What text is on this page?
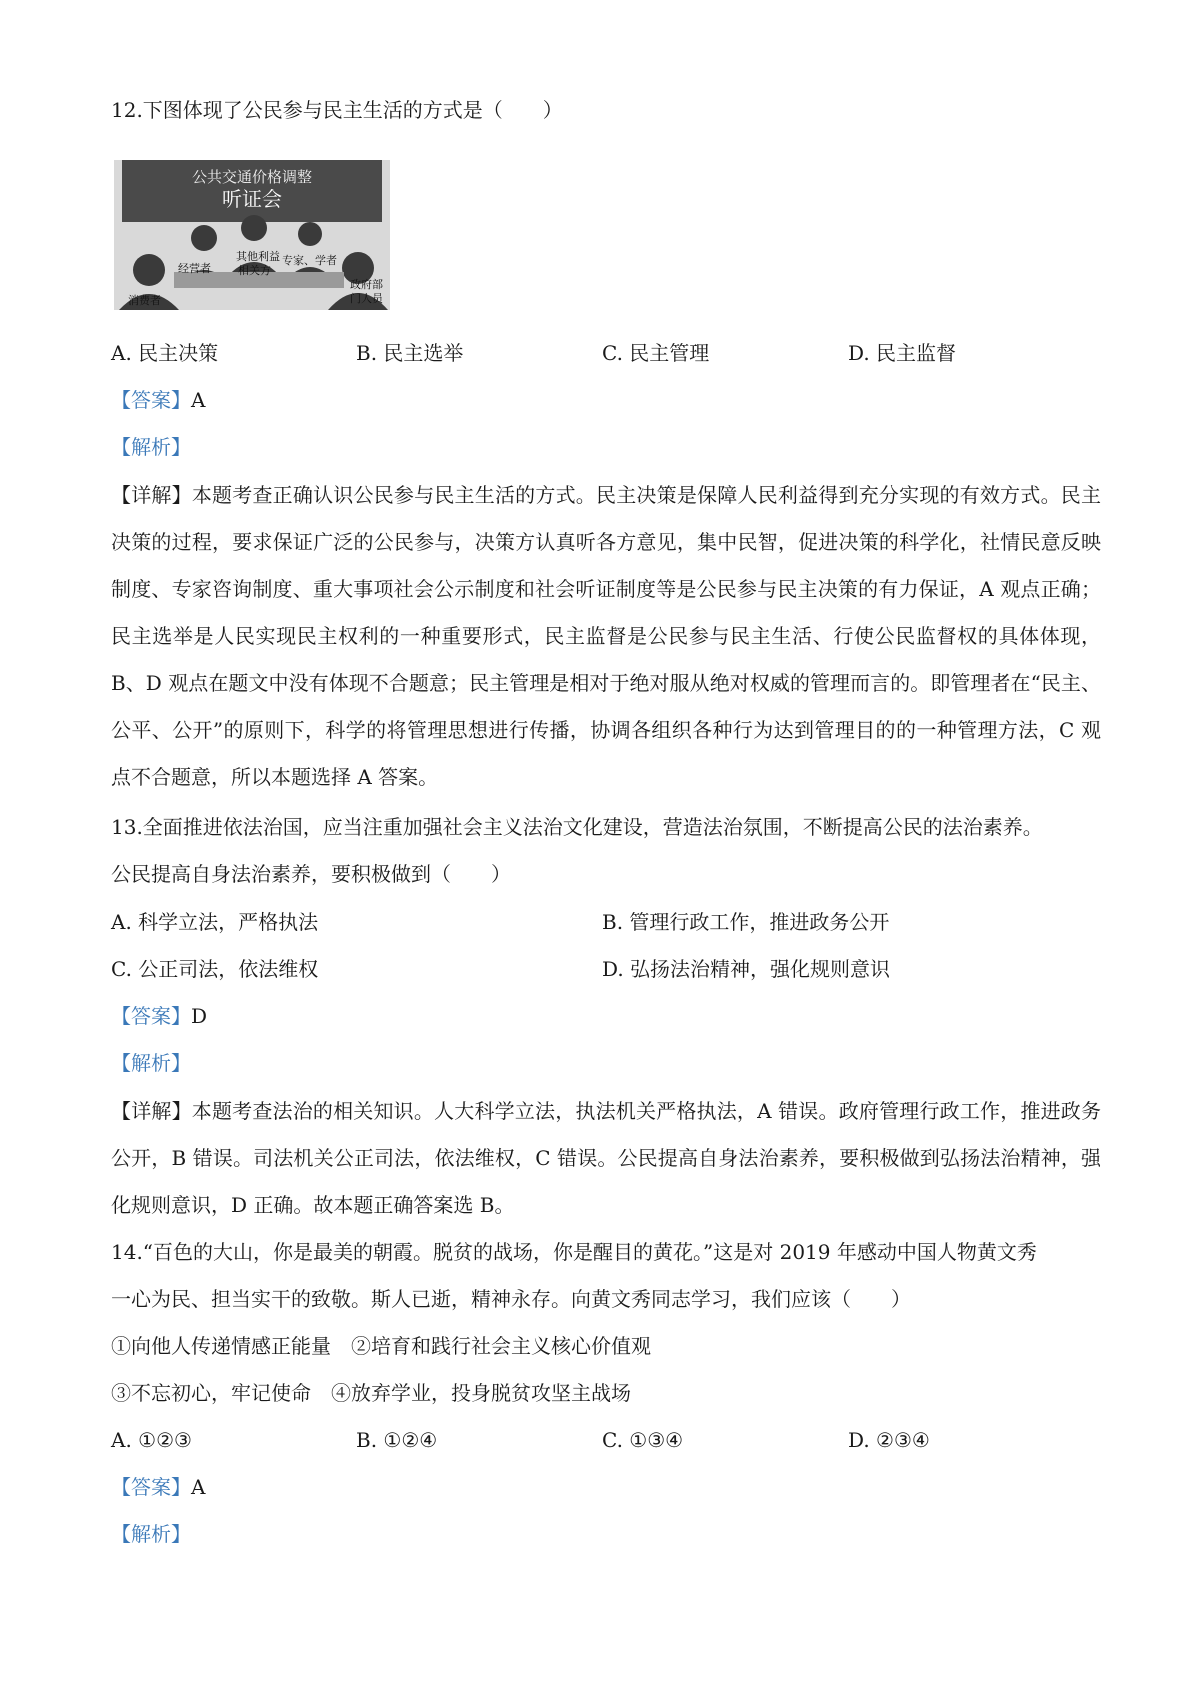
12.下图体现了公民参与民主生活的方式是（　　）
公共交通价格调整
听证会
消费者
经营者
其他利益
相关方
专家、学者
政府部
门人员
A. 民主决策	B. 民主选举	C. 民主管理	D. 民主监督
【答案】A
【解析】
【详解】本题考查正确认识公民参与民主生活的方式。民主决策是保障人民利益得到充分实现的有效方式。民主决策的过程，要求保证广泛的公民参与，决策方认真听各方意见，集中民智，促进决策的科学化，社情民意反映制度、专家咨询制度、重大事项社会公示制度和社会听证制度等是公民参与民主决策的有力保证，A 观点正确；民主选举是人民实现民主权利的一种重要形式，民主监督是公民参与民主生活、行使公民监督权的具体体现，B、D 观点在题文中没有体现不合题意；民主管理是相对于绝对服从绝对权威的管理而言的。即管理者在“民主、公平、公开”的原则下，科学的将管理思想进行传播，协调各组织各种行为达到管理目的的一种管理方法，C 观点不合题意，所以本题选择 A 答案。
13.全面推进依法治国，应当注重加强社会主义法治文化建设，营造法治氛围，不断提高公民的法治素养。
公民提高自身法治素养，要积极做到（　　）
A. 科学立法，严格执法	B. 管理行政工作，推进政务公开
C. 公正司法，依法维权	D. 弘扬法治精神，强化规则意识
【答案】D
【解析】
【详解】本题考查法治的相关知识。人大科学立法，执法机关严格执法，A 错误。政府管理行政工作，推进政务公开，B 错误。司法机关公正司法，依法维权，C 错误。公民提高自身法治素养，要积极做到弘扬法治精神，强化规则意识，D 正确。故本题正确答案选 B。
14.“百色的大山，你是最美的朝霞。脱贫的战场，你是醒目的黄花。”这是对 2019 年感动中国人物黄文秀
一心为民、担当实干的致敬。斯人已逝，精神永存。向黄文秀同志学习，我们应该（　　）
①向他人传递情感正能量　②培育和践行社会主义核心价值观
③不忘初心，牢记使命　④放弃学业，投身脱贫攻坚主战场
A. ①②③	B. ①②④	C. ①③④	D. ②③④
【答案】A
【解析】
